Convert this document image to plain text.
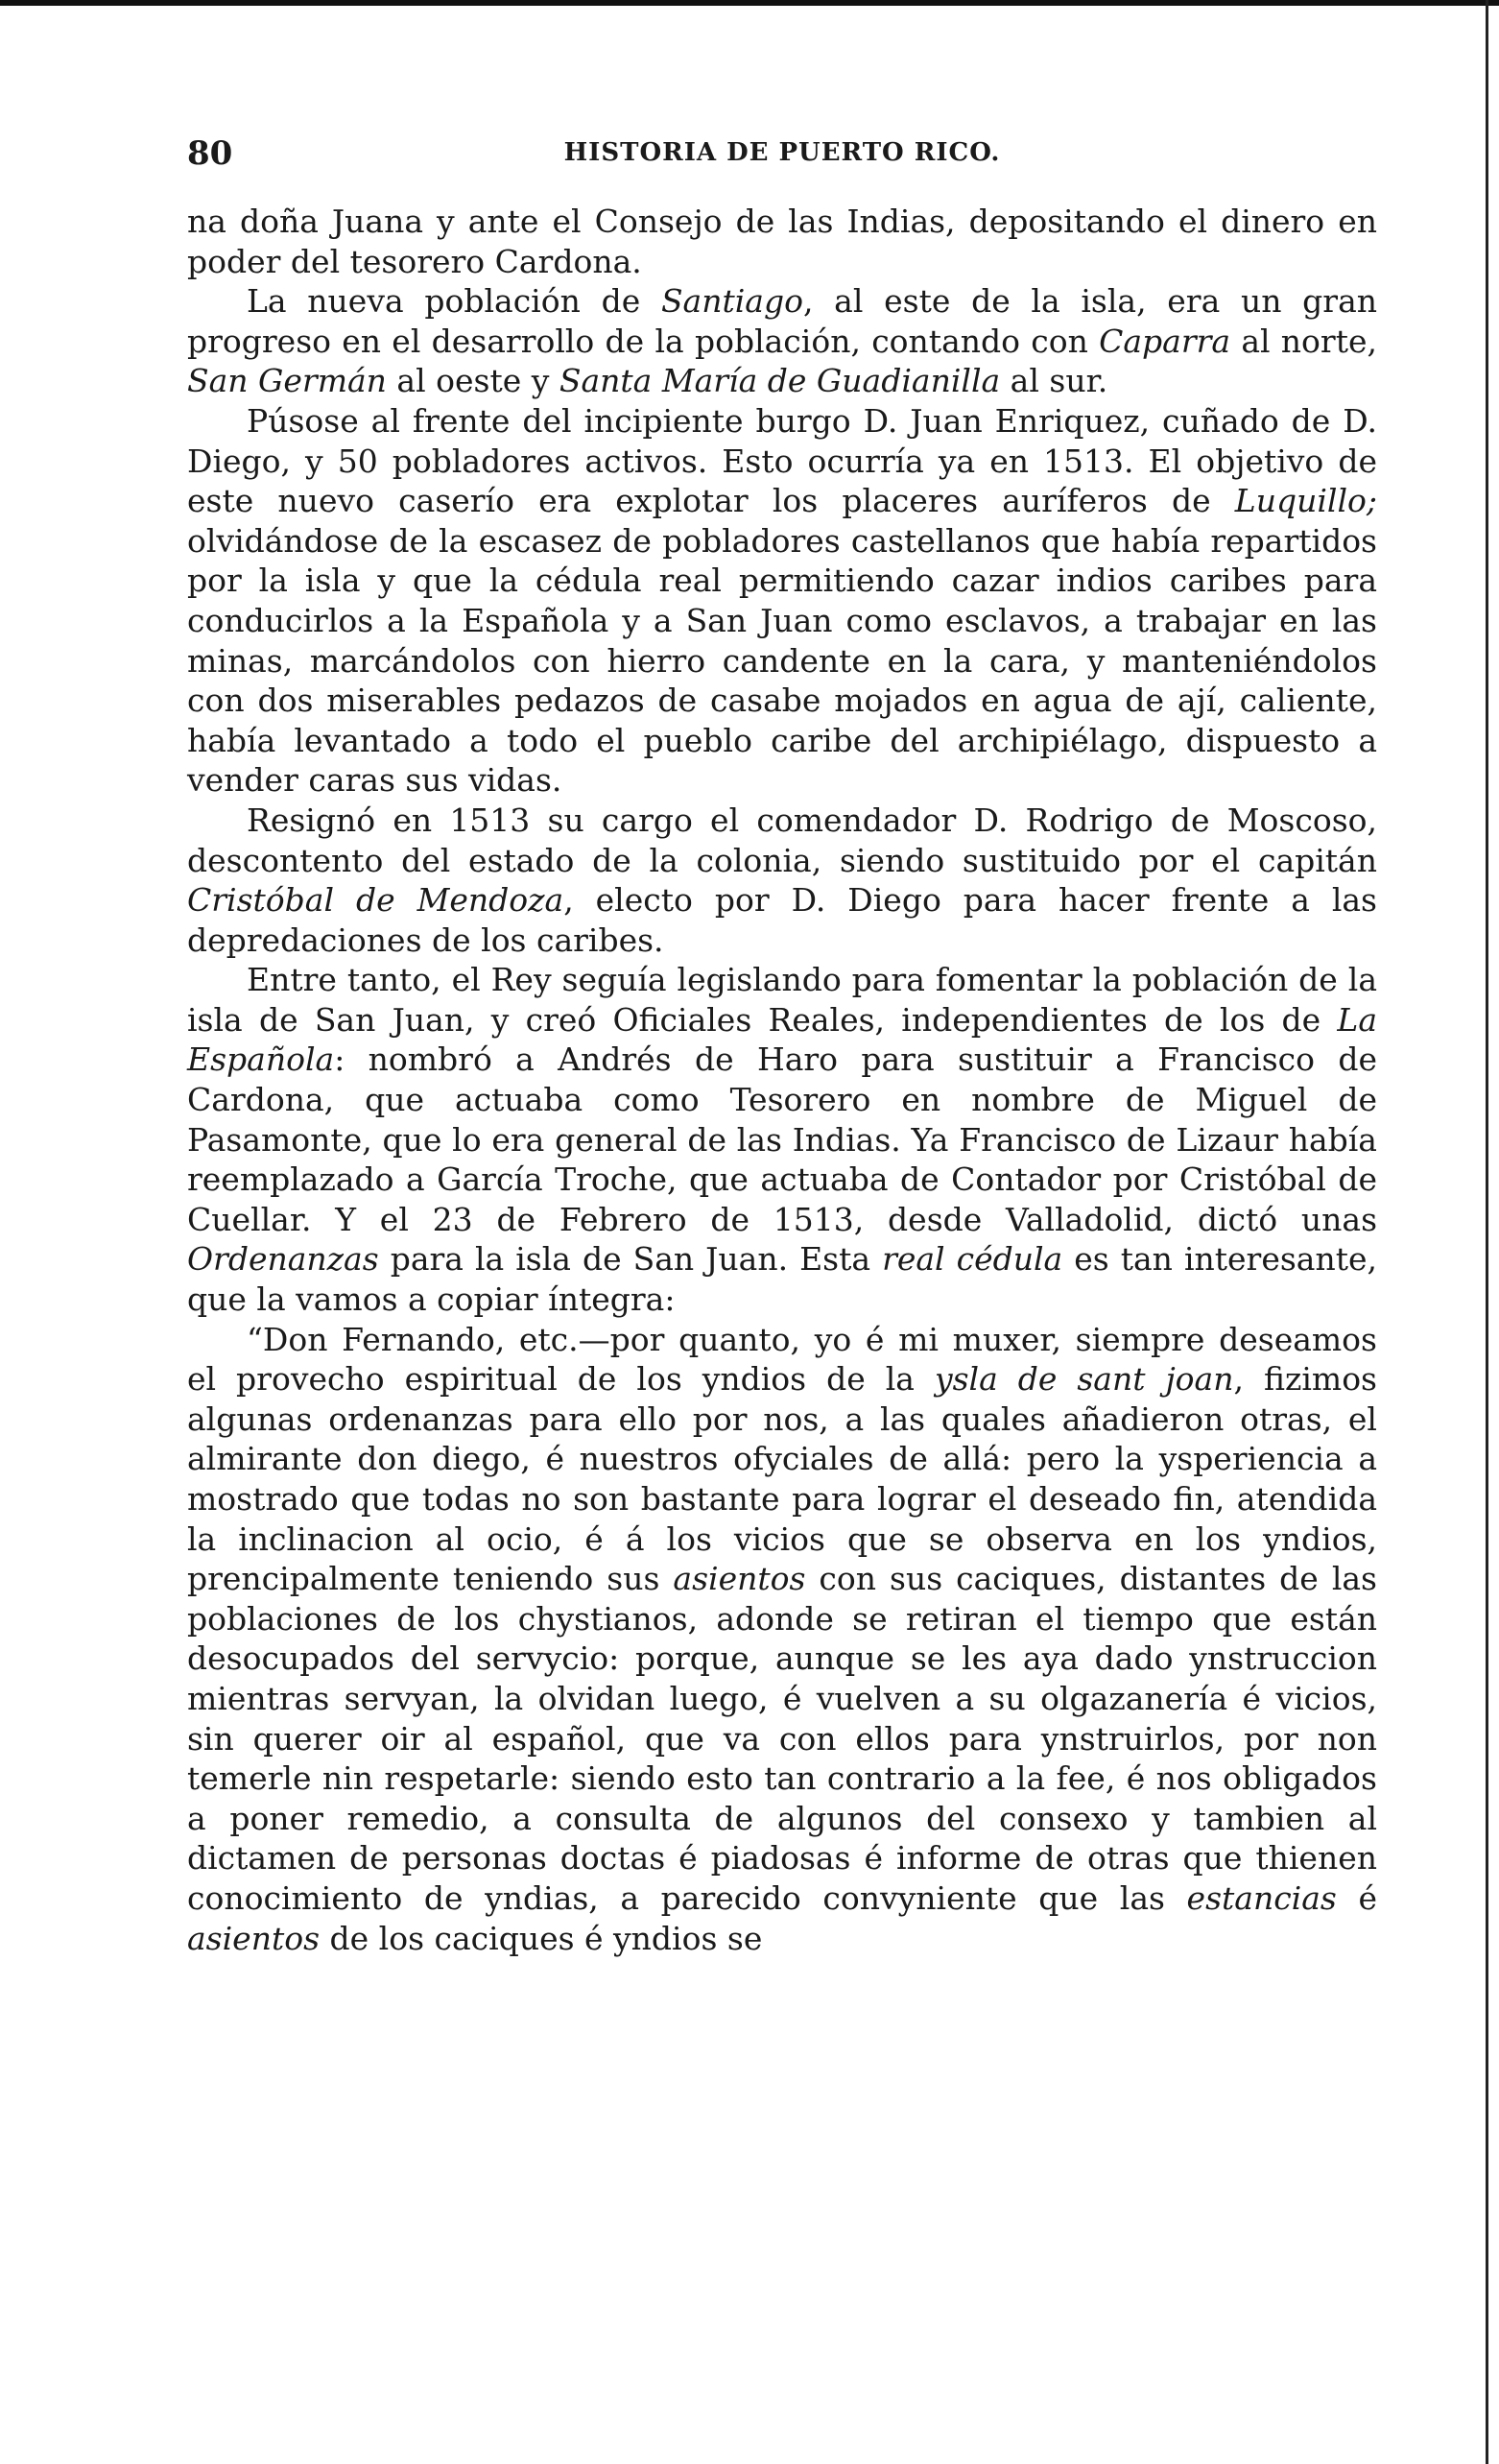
80	HISTORIA DE PUERTO RICO.

na doña Juana y ante el Consejo de las Indias, depositando el dinero en poder del tesorero Cardona.

La nueva población de Santiago, al este de la isla, era un gran progreso en el desarrollo de la población, contando con Caparra al norte, San Germán al oeste y Santa María de Guadianilla al sur.

Púsose al frente del incipiente burgo D. Juan Enriquez, cuñado de D. Diego, y 50 pobladores activos. Esto ocurría ya en 1513. El objetivo de este nuevo caserío era explotar los placeres auríferos de Luquillo; olvidándose de la escasez de pobladores castellanos que había repartidos por la isla y que la cédula real permitiendo cazar indios caribes para conducirlos a la Española y a San Juan como esclavos, a trabajar en las minas, marcándolos con hierro candente en la cara, y manteniéndolos con dos miserables pedazos de casabe mojados en agua de ají, caliente, había levantado a todo el pueblo caribe del archipiélago, dispuesto a vender caras sus vidas.

Resignó en 1513 su cargo el comendador D. Rodrigo de Moscoso, descontento del estado de la colonia, siendo sustituido por el capitán Cristóbal de Mendoza, electo por D. Diego para hacer frente a las depredaciones de los caribes.

Entre tanto, el Rey seguía legislando para fomentar la población de la isla de San Juan, y creó Oficiales Reales, independientes de los de La Española: nombró a Andrés de Haro para sustituir a Francisco de Cardona, que actuaba como Tesorero en nombre de Miguel de Pasamonte, que lo era general de las Indias. Ya Francisco de Lizaur había reemplazado a García Troche, que actuaba de Contador por Cristóbal de Cuellar. Y el 23 de Febrero de 1513, desde Valladolid, dictó unas Ordenanzas para la isla de San Juan. Esta real cédula es tan interesante, que la vamos a copiar íntegra:

“Don Fernando, etc.—por quanto, yo é mi muxer, siempre deseamos el provecho espiritual de los yndios de la ysla de sant joan, fizimos algunas ordenanzas para ello por nos, a las quales añadieron otras, el almirante don diego, é nuestros ofyciales de allá: pero la ysperiencia a mostrado que todas no son bastante para lograr el deseado fin, atendida la inclinacion al ocio, é á los vicios que se observa en los yndios, prencipalmente teniendo sus asientos con sus caciques, distantes de las poblaciones de los chystianos, adonde se retiran el tiempo que están desocupados del servycio: porque, aunque se les aya dado ynstruccion mientras servyan, la olvidan luego, é vuelven a su olgazanería é vicios, sin querer oir al español, que va con ellos para ynstruirlos, por non temerle nin respetarle: siendo esto tan contrario a la fee, é nos obligados a poner remedio, a consulta de algunos del consexo y tambien al dictamen de personas doctas é piadosas é informe de otras que thienen conocimiento de yndias, a parecido convyniente que las estancias é asientos de los caciques é yndios se
